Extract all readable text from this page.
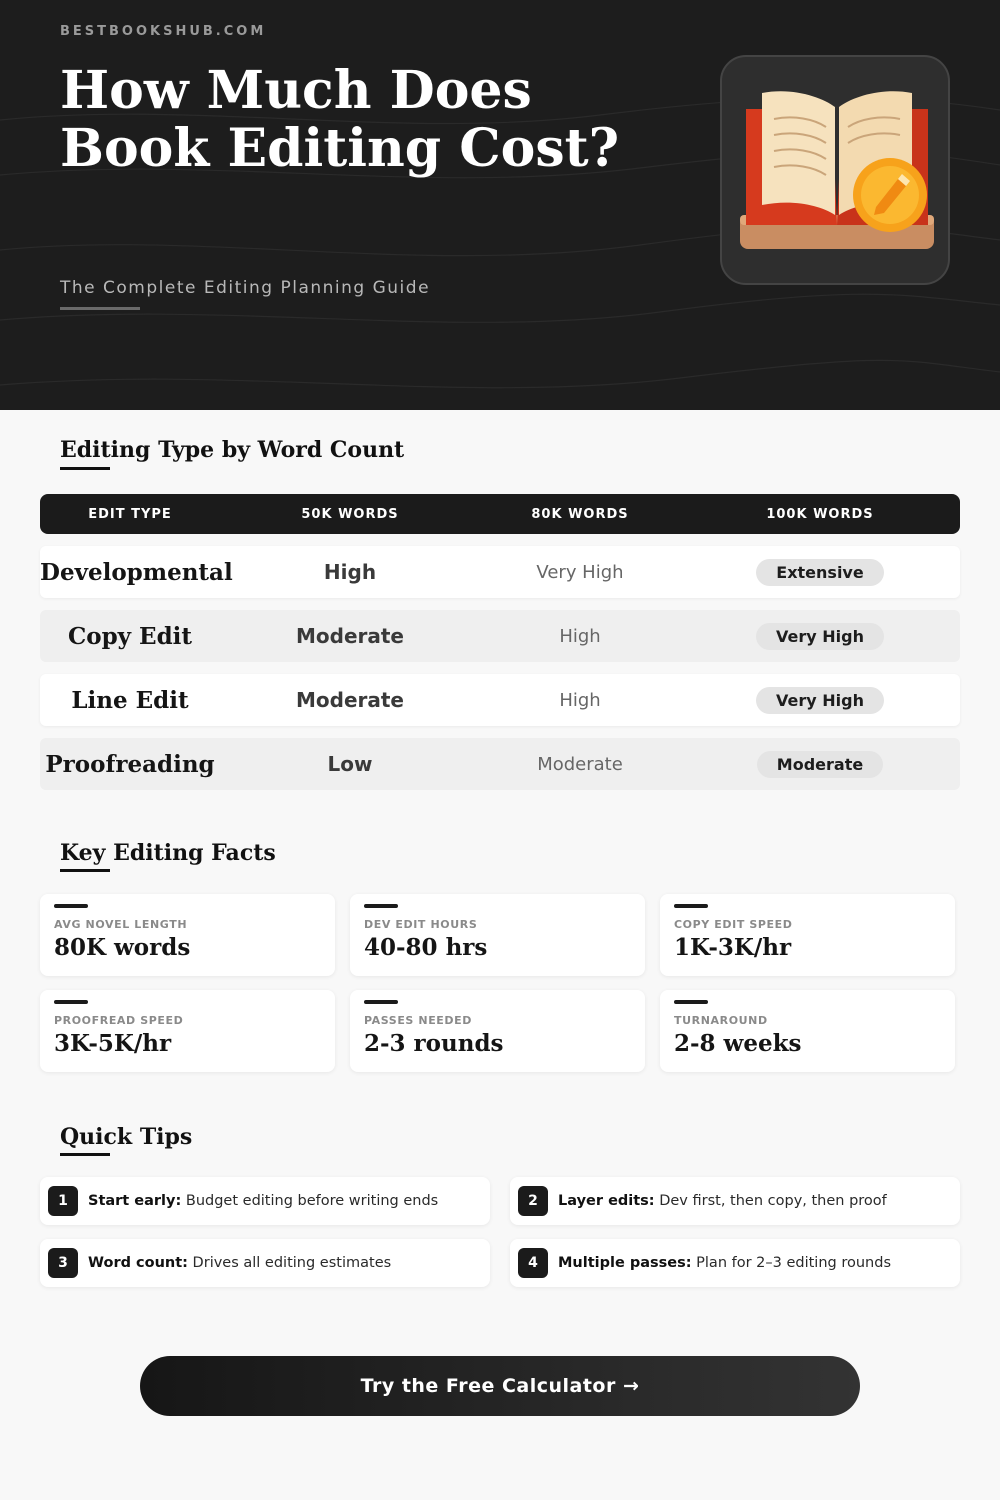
BESTBOOKSHUB.COM
How Much Does Book Editing Cost?
The Complete Editing Planning Guide
Editing Type by Word Count
EDIT TYPE	50K WORDS	80K WORDS	100K WORDS
Developmental	High	Very High	Extensive
Copy Edit	Moderate	High	Very High
Line Edit	Moderate	High	Very High
Proofreading	Low	Moderate	Moderate
Key Editing Facts
AVG NOVEL LENGTH
80K words
DEV EDIT HOURS
40-80 hrs
COPY EDIT SPEED
1K-3K/hr
PROOFREAD SPEED
3K-5K/hr
PASSES NEEDED
2-3 rounds
TURNAROUND
2-8 weeks
Quick Tips
1	Start early: Budget editing before writing ends	2	Layer edits: Dev first, then copy, then proof
3	Word count: Drives all editing estimates	4	Multiple passes: Plan for 2–3 editing rounds
Try the Free Calculator →
